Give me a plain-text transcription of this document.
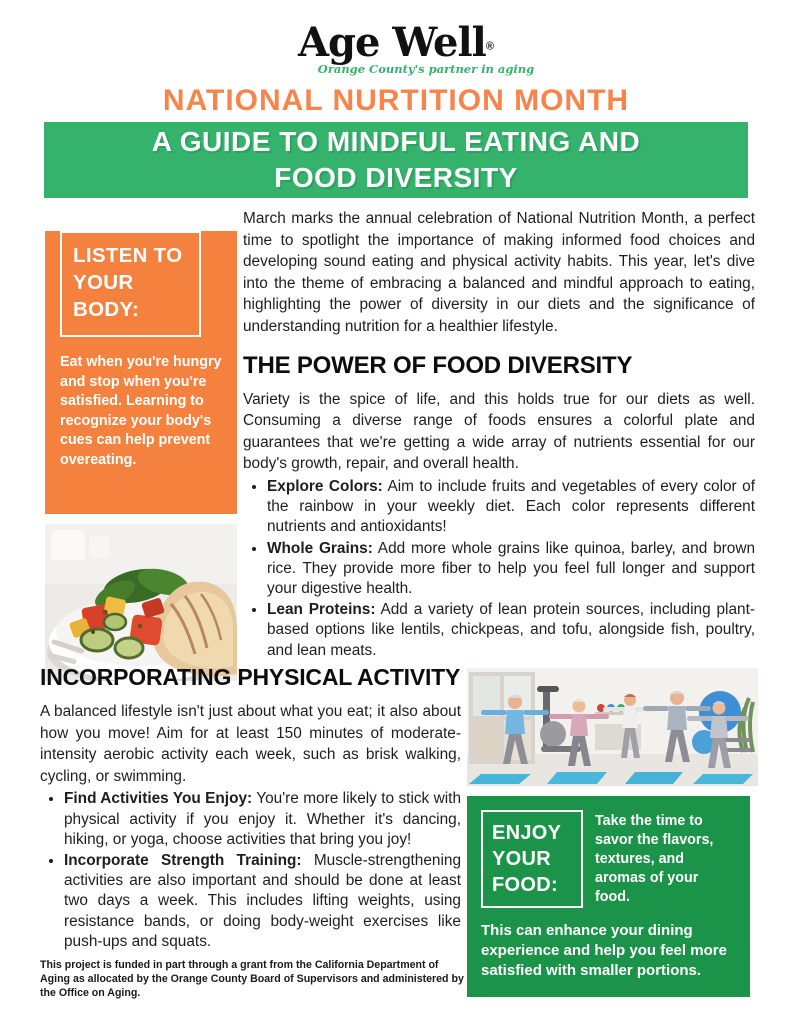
Age Well®
Orange County's partner in aging
NATIONAL NURTITION MONTH
A GUIDE TO MINDFUL EATING AND
FOOD DIVERSITY
LISTEN TO YOUR BODY:
Eat when you're hungry and stop when you're satisfied. Learning to recognize your body's cues can help prevent overeating.

March marks the annual celebration of National Nutrition Month, a perfect time to spotlight the importance of making informed food choices and developing sound eating and physical activity habits. This year, let's dive into the theme of embracing a balanced and mindful approach to eating, highlighting the power of diversity in our diets and the significance of understanding nutrition for a healthier lifestyle.

THE POWER OF FOOD DIVERSITY

Variety is the spice of life, and this holds true for our diets as well. Consuming a diverse range of foods ensures a colorful plate and guarantees that we're getting a wide array of nutrients essential for our body's growth, repair, and overall health.

• Explore Colors: Aim to include fruits and vegetables of every color of the rainbow in your weekly diet. Each color represents different nutrients and antioxidants!
• Whole Grains: Add more whole grains like quinoa, barley, and brown rice. They provide more fiber to help you feel full longer and support your digestive health.
• Lean Proteins: Add a variety of lean protein sources, including plant-based options like lentils, chickpeas, and tofu, alongside fish, poultry, and lean meats.
INCORPORATING PHYSICAL ACTIVITY

A balanced lifestyle isn't just about what you eat; it also about how you move! Aim for at least 150 minutes of moderate-intensity aerobic activity each week, such as brisk walking, cycling, or swimming.

• Find Activities You Enjoy: You're more likely to stick with physical activity if you enjoy it. Whether it's dancing, hiking, or yoga, choose activities that bring you joy!
• Incorporate Strength Training: Muscle-strengthening activities are also important and should be done at least two days a week. This includes lifting weights, using resistance bands, or doing body-weight exercises like push-ups and squats.

This project is funded in part through a grant from the California Department of Aging as allocated by the Orange County Board of Supervisors and administered by the Office on Aging.

ENJOY YOUR FOOD:
Take the time to savor the flavors, textures, and aromas of your food.
This can enhance your dining experience and help you feel more satisfied with smaller portions.
